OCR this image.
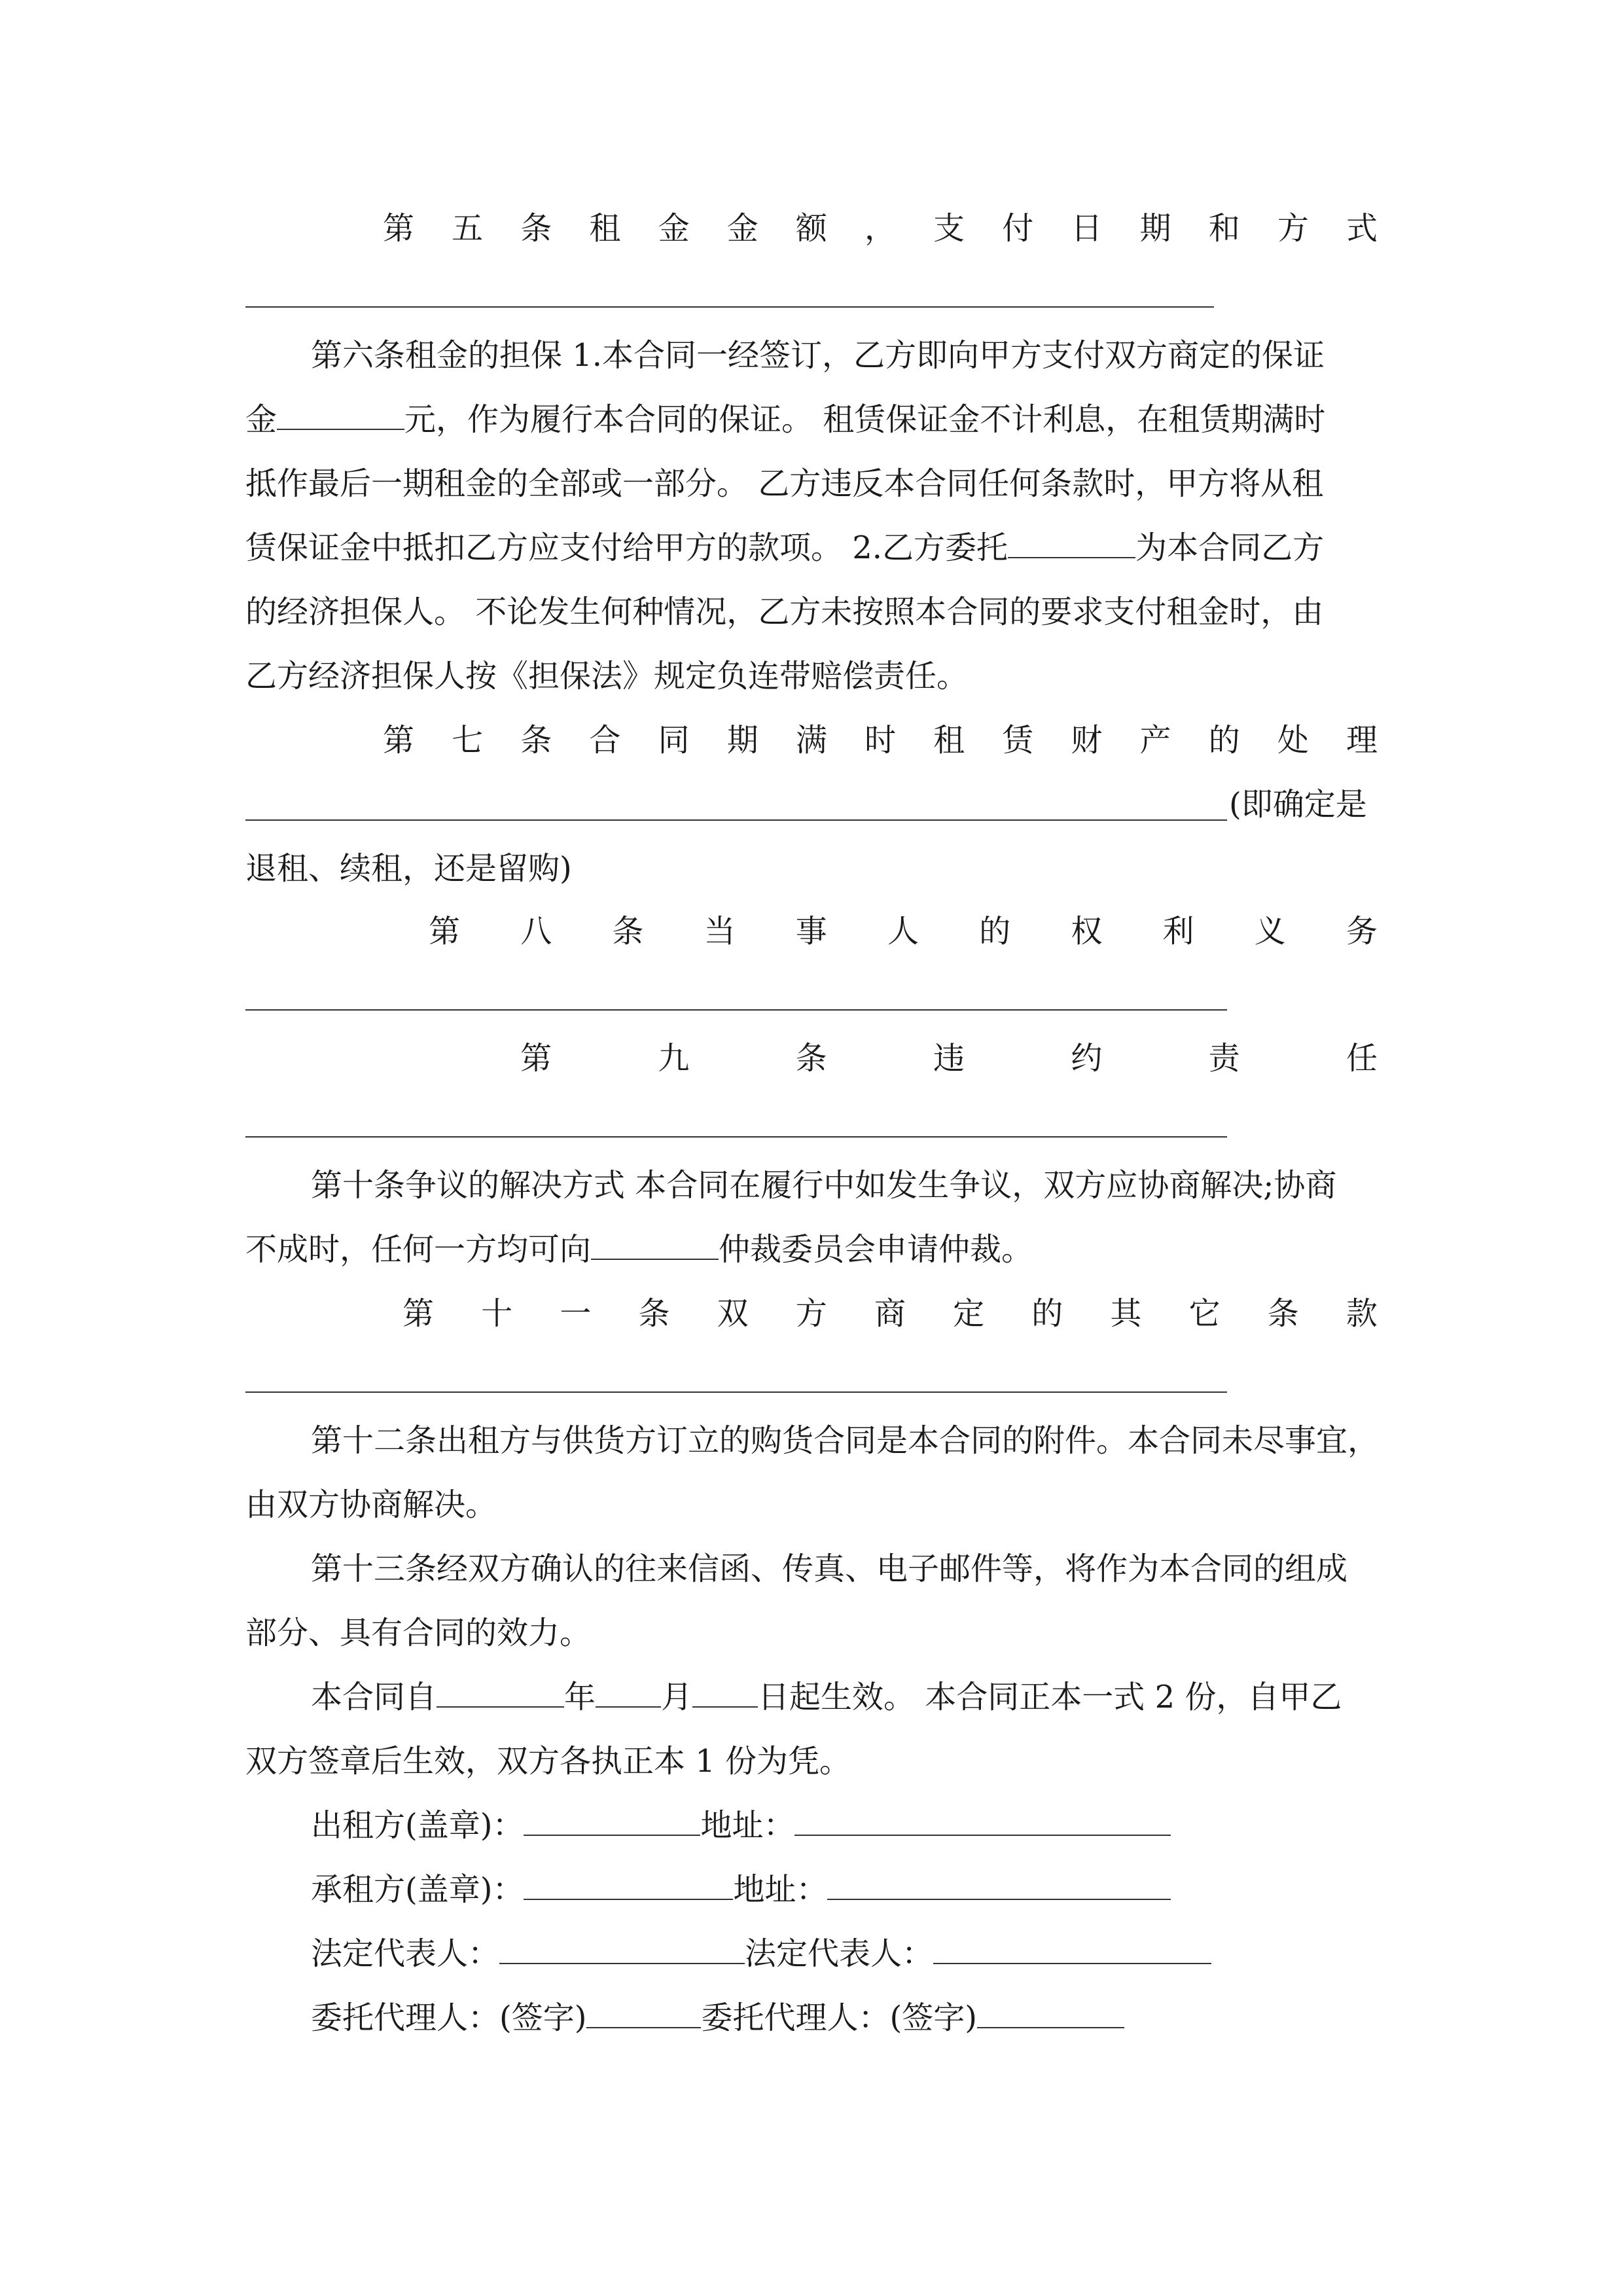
第 五 条 租 金 金 额 ， 支 付 日 期 和 方 式
第六条租金的担保 1.本合同一经签订，乙方即向甲方支付双方商定的保证
金	元，作为履行本合同的保证。 租赁保证金不计利息，在租赁期满时
抵作最后一期租金的全部或一部分。 乙方违反本合同任何条款时，甲方将从租
赁保证金中抵扣乙方应支付给甲方的款项。 2.乙方委托	为本合同乙方
的经济担保人。 不论发生何种情况，乙方未按照本合同的要求支付租金时，由
乙方经济担保人按《担保法》规定负连带赔偿责任。
第 七 条 合 同 期 满 时 租 赁 财 产 的 处 理
(即确定是
退租、续租，还是留购)
第 八 条 当 事 人 的 权 利 义 务
第	九	条	违	约	责	任
第十条争议的解决方式 本合同在履行中如发生争议，双方应协商解决;协商
不成时，任何一方均可向	仲裁委员会申请仲裁。
第 十 一 条 双 方 商 定 的 其 它 条 款
第十二条出租方与供货方订立的购货合同是本合同的附件。本合同未尽事宜，
由双方协商解决。
第十三条经双方确认的往来信函、传真、电子邮件等，将作为本合同的组成
部分、具有合同的效力。
本合同自	年 月 日起生效。 本合同正本一式 2 份，自甲乙
双方签章后生效，双方各执正本 1 份为凭。
出租方(盖章)：	地址：
承租方(盖章)：	地址：
法定代表人：	法定代表人：
委托代理人：(签字)	委托代理人：(签字)
